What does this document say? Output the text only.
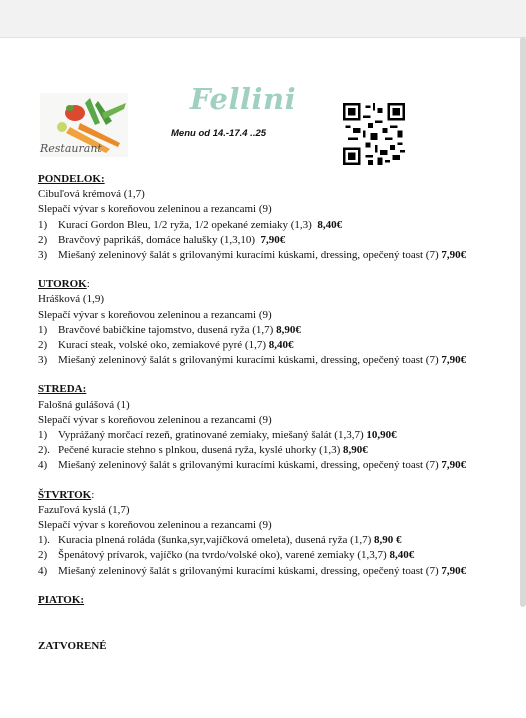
Restaurant
Fellini
Menu od 14.-17.4 ..25
PONDELOK:
Cibuľová krémová (1,7)
Slepačí vývar s koreňovou zeleninou a rezancami (9)
1) Kurací Gordon Bleu, 1/2 ryža, 1/2 opekané zemiaky (1,3) 8,40€
2) Bravčový paprikáš, domáce halušky (1,3,10) 7,90€
3) Miešaný zeleninový šalát s grilovanými kuracími kúskami, dressing, opečený toast (7) 7,90€
UTOROK:
Hrášková (1,9)
Slepačí vývar s koreňovou zeleninou a rezancami (9)
1) Bravčové babičkine tajomstvo, dusená ryža (1,7) 8,90€
2) Kurací steak, volské oko, zemiakové pyré (1,7) 8,40€
3) Miešaný zeleninový šalát s grilovanými kuracími kúskami, dressing, opečený toast (7) 7,90€
STREDA:
Falošná gulášová (1)
Slepačí vývar s koreňovou zeleninou a rezancami (9)
1) Vyprážaný morčací rezeň, gratinované zemiaky, miešaný šalát (1,3,7) 10,90€
2). Pečené kuracie stehno s plnkou, dusená ryža, kyslé uhorky (1,3) 8,90€
4) Miešaný zeleninový šalát s grilovanými kuracími kúskami, dressing, opečený toast (7) 7,90€
ŠTVRTOK:
Fazuľová kyslá (1,7)
Slepačí vývar s koreňovou zeleninou a rezancami (9)
1). Kuracia plnená roláda (šunka,syr,vajíčková omeleta), dusená ryža (1,7) 8,90 €
2) Špenátový prívarok, vajíčko (na tvrdo/volské oko), varené zemiaky (1,3,7) 8,40€
4) Miešaný zeleninový šalát s grilovanými kuracími kúskami, dressing, opečený toast (7) 7,90€
PIATOK:
ZATVORENÉ
